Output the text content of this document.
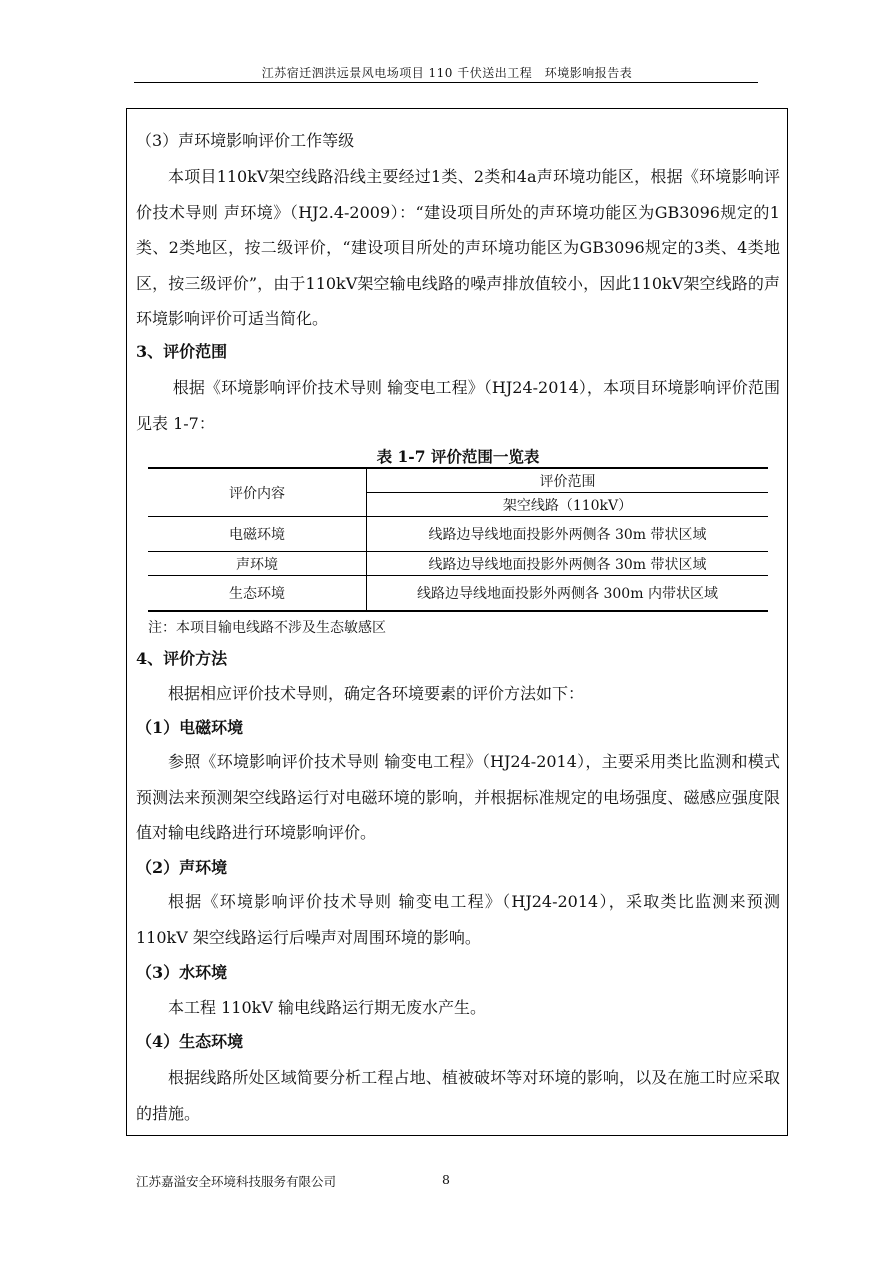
江苏宿迁泗洪远景风电场项目 110 千伏送出工程　环境影响报告表

（3）声环境影响评价工作等级

本项目110kV架空线路沿线主要经过1类、2类和4a声环境功能区，根据《环境影响评价技术导则 声环境》（HJ2.4-2009）：“建设项目所处的声环境功能区为GB3096规定的1类、2类地区，按二级评价，“建设项目所处的声环境功能区为GB3096规定的3类、4类地区，按三级评价”，由于110kV架空输电线路的噪声排放值较小，因此110kV架空线路的声环境影响评价可适当简化。

3、评价范围

根据《环境影响评价技术导则 输变电工程》（HJ24-2014），本项目环境影响评价范围见表 1-7：

表 1-7 评价范围一览表
评价内容	评价范围
	架空线路（110kV）
电磁环境	线路边导线地面投影外两侧各 30m 带状区域
声环境	线路边导线地面投影外两侧各 30m 带状区域
生态环境	线路边导线地面投影外两侧各 300m 内带状区域
注：本项目输电线路不涉及生态敏感区

4、评价方法

根据相应评价技术导则，确定各环境要素的评价方法如下：

（1）电磁环境

参照《环境影响评价技术导则 输变电工程》（HJ24-2014），主要采用类比监测和模式预测法来预测架空线路运行对电磁环境的影响，并根据标准规定的电场强度、磁感应强度限值对输电线路进行环境影响评价。

（2）声环境

根据《环境影响评价技术导则 输变电工程》（HJ24-2014），采取类比监测来预测 110kV 架空线路运行后噪声对周围环境的影响。

（3）水环境

本工程 110kV 输电线路运行期无废水产生。

（4）生态环境

根据线路所处区域简要分析工程占地、植被破坏等对环境的影响，以及在施工时应采取的措施。

江苏嘉溢安全环境科技服务有限公司	8
